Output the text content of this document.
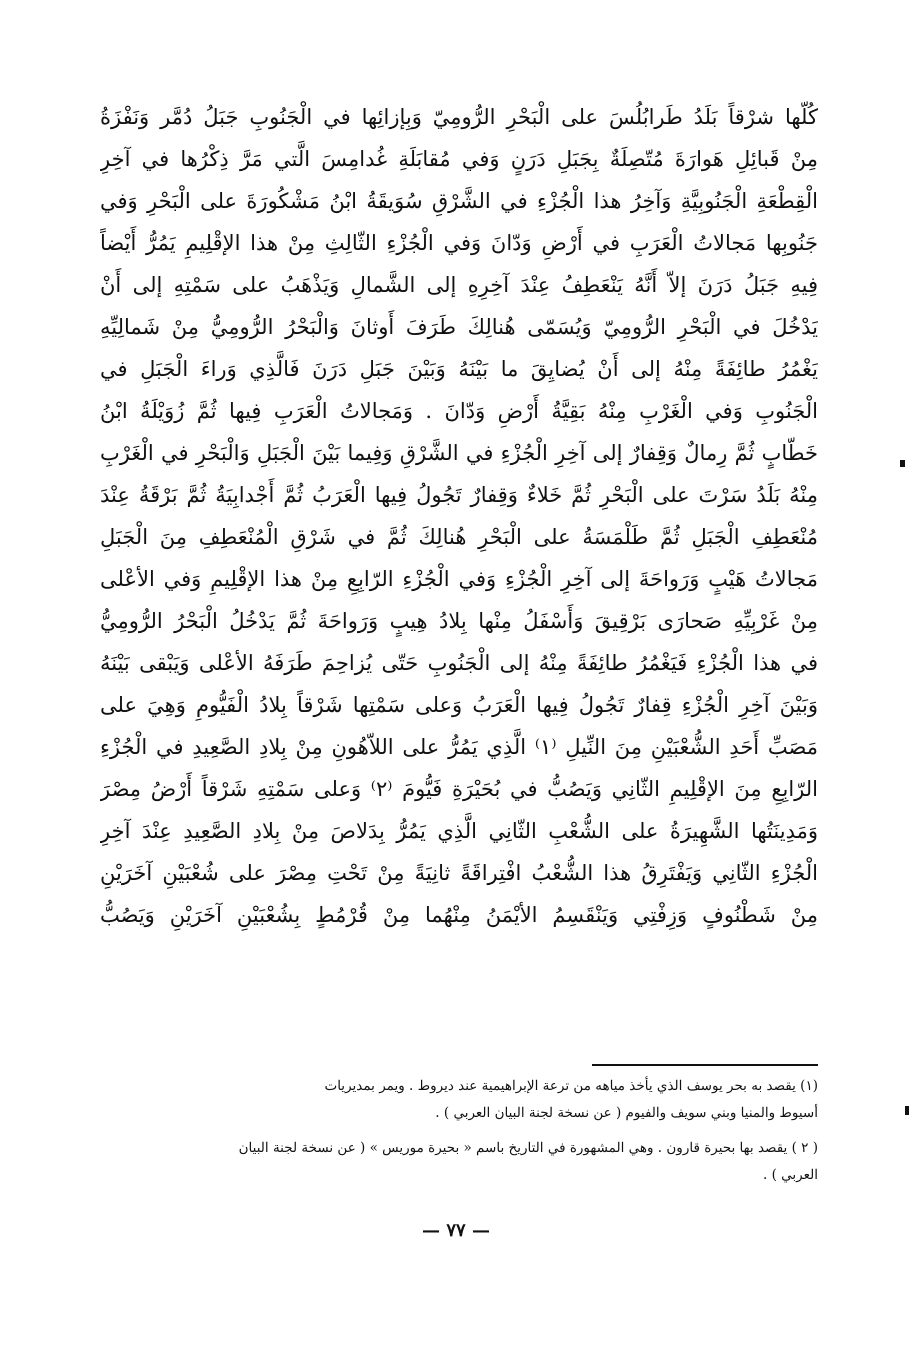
كُلّها شرْقاً بَلَدُ طَرابُلُسَ على الْبَحْرِ الرُّومِيّ وَبِإزائِها في الْجَنُوبِ جَبَلُ دُمَّر وَنَفْزَةُ
مِنْ قَبائِلِ هَوارَةَ مُتّصِلَةٌ بِجَبَلِ دَرَنٍ وَفي مُقابَلَةِ غُدامِسَ الَّتي مَرَّ ذِكْرُها في آخِرِ
الْقِطْعَةِ الْجَنُوبِيَّةِ وَآخِرُ هذا الْجُزْءِ في الشَّرْقِ سُوَيقَةُ ابْنُ مَشْكُورَةَ على الْبَحْرِ وَفي
جَنُوبِها مَجالاتُ الْعَرَبِ في أَرْضِ وَدّانَ وَفي الْجُزْءِ الثّالِثِ مِنْ هذا الإقْلِيمِ يَمُرُّ أَيْضاً
فِيهِ جَبَلُ دَرَنَ إلاّ أَنَّهُ يَنْعَطِفُ عِنْدَ آخِرِهِ إلى الشَّمالِ وَيَذْهَبُ على سَمْتِهِ إلى أَنْ
يَدْخُلَ في الْبَحْرِ الرُّومِيّ وَيُسَمّى هُنالِكَ طَرَفَ أَوثانَ وَالْبَحْرُ الرُّومِيُّ مِنْ شَمالِيِّهِ
يَغْمُرُ طائِفَةً مِنْهُ إلى أَنْ يُضايِقَ ما بَيْنَهُ وَبَيْنَ جَبَلِ دَرَنَ فَالَّذِي وَراءَ الْجَبَلِ في
الْجَنُوبِ وَفي الْغَرْبِ مِنْهُ بَقِيَّةُ أَرْضِ وَدّانَ . وَمَجالاتُ الْعَرَبِ فِيها ثُمَّ زُوَيْلَةُ ابْنُ
خَطّابٍ ثُمَّ رِمالٌ وَقِفارٌ إلى آخِرِ الْجُزْءِ في الشَّرْقِ وَفِيما بَيْنَ الْجَبَلِ وَالْبَحْرِ في الْغَرْبِ
مِنْهُ بَلَدُ سَرْتَ على الْبَحْرِ ثُمَّ خَلاءٌ وَقِفارٌ تَجُولُ فِيها الْعَرَبُ ثُمَّ أَجْدابِيَةُ ثُمَّ بَرْقَةُ عِنْدَ
مُنْعَطِفِ الْجَبَلِ ثُمَّ طَلْمَسَةُ على الْبَحْرِ هُنالِكَ ثُمَّ في شَرْقِ الْمُنْعَطِفِ مِنَ الْجَبَلِ
مَجالاتُ هَيْبٍ وَرَواحَةَ إلى آخِرِ الْجُزْءِ وَفي الْجُزْءِ الرّابِعِ مِنْ هذا الإقْلِيمِ وَفي الأعْلى
مِنْ غَرْبِيِّهِ صَحارَى بَرْقِيقَ وَأَسْفَلُ مِنْها بِلادُ هِيبٍ وَرَواحَةَ ثُمَّ يَدْخُلُ الْبَحْرُ الرُّومِيُّ
في هذا الْجُزْءِ فَيَغْمُرُ طائِفَةً مِنْهُ إلى الْجَنُوبِ حَتّى يُزاحِمَ طَرَفَهُ الأعْلى وَيَبْقى بَيْنَهُ
وَبَيْنَ آخِرِ الْجُزْءِ قِفارٌ تَجُولُ فِيها الْعَرَبُ وَعلى سَمْتِها شَرْقاً بِلادُ الْفَيُّومِ وَهِيَ على
مَصَبِّ أَحَدِ الشُّعْبَيْنِ مِنَ النِّيلِ ⁽١⁾ الَّذِي يَمُرُّ على اللاّهُونِ مِنْ بِلادِ الصَّعِيدِ في الْجُزْءِ
الرّابِعِ مِنَ الإقْلِيمِ الثّانِي وَيَصُبُّ في بُحَيْرَةِ فَيُّومَ ⁽٢⁾ وَعلى سَمْتِهِ شَرْقاً أَرْضُ مِصْرَ
وَمَدِينَتُها الشَّهِيرَةُ على الشُّعْبِ الثّانِي الَّذِي يَمُرُّ بِدَلاصَ مِنْ بِلادِ الصَّعِيدِ عِنْدَ آخِرِ
الْجُزْءِ الثّانِي وَيَفْتَرِقُ هذا الشُّعْبُ افْتِراقَةً ثانِيَةً مِنْ تَحْتِ مِصْرَ على شُعْبَيْنِ آخَرَيْنِ
مِنْ شَطْنُوفٍ وَزِفْتِي وَيَنْقَسِمُ الأيْمَنُ مِنْهُما مِنْ قُرْمُطٍ بِشُعْبَيْنِ آخَرَيْنِ وَيَصُبُّ
(١) يقصد به بحر يوسف الذي يأخذ مياهه من ترعة الإبراهيمية عند ديروط . ويمر بمديريات
أسيوط والمنيا وبني سويف والفيوم ( عن نسخة لجنة البيان العربي ) .
( ٢ ) يقصد بها بحيرة قارون . وهي المشهورة في التاريخ باسم « بحيرة موريس » ( عن نسخة لجنة البيان
العربي ) .
— ٧٧ —
